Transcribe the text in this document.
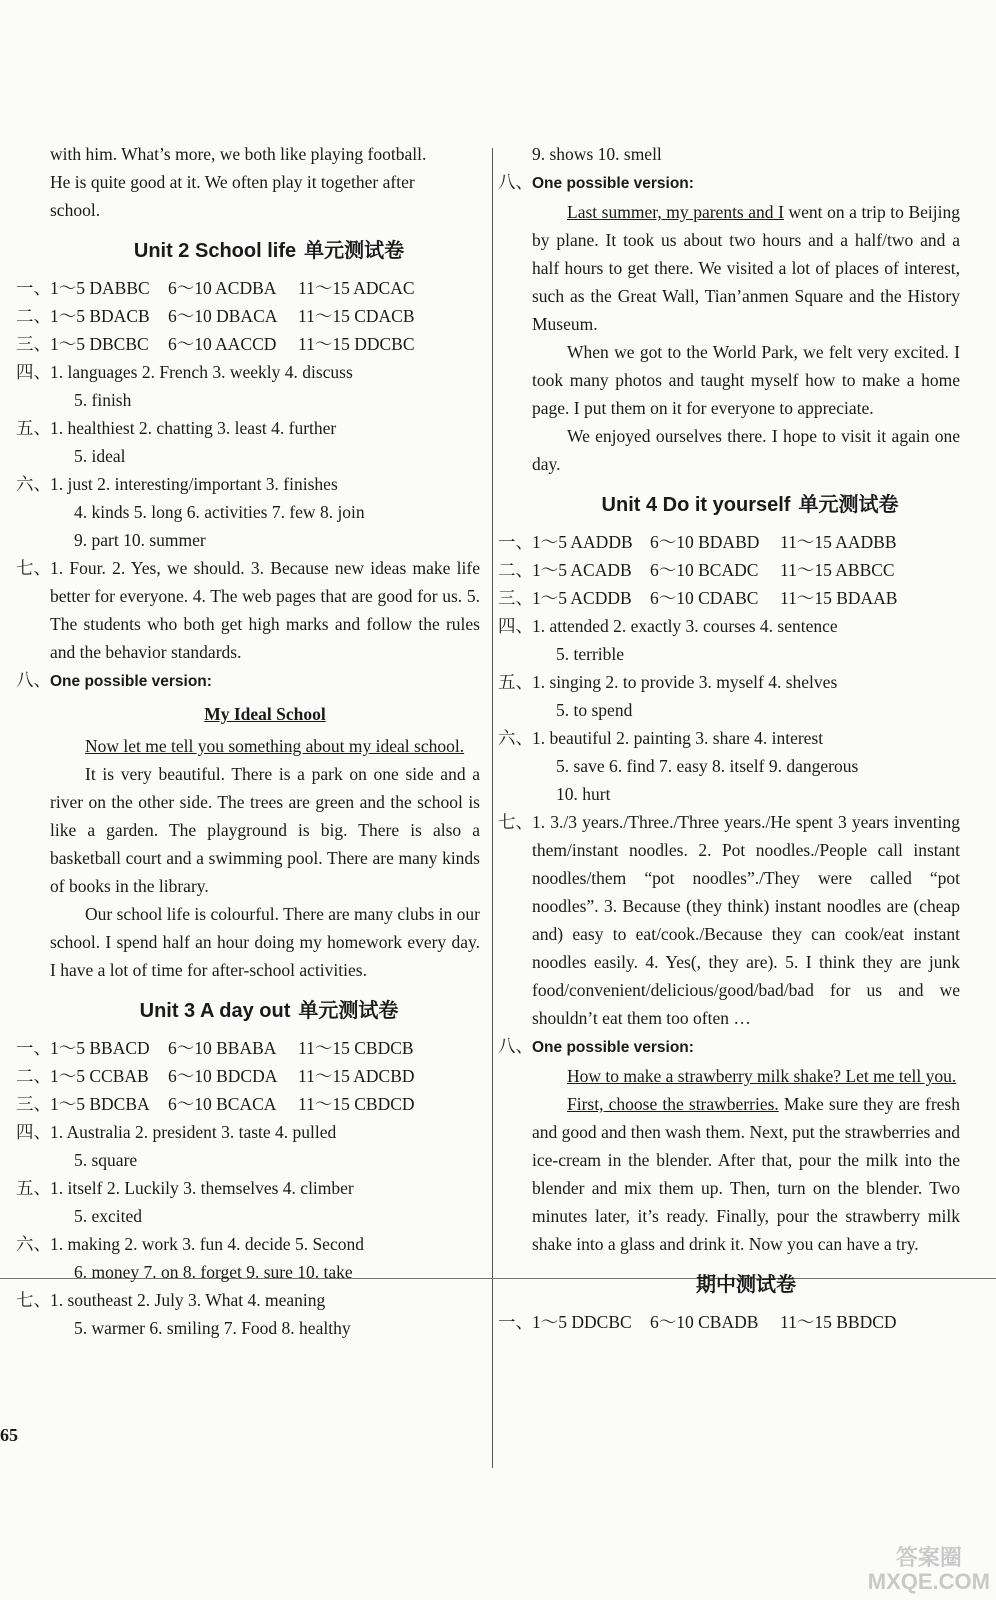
with him. What’s more, we both like playing football.

He is quite good at it. We often play it together after

school.

Unit 2 School life 单元测试卷
一、 1～5 DABBC	6～10 ACDBA	11～15 ADCAC
二、 1～5 BDACB	6～10 DBACA	11～15 CDACB
三、 1～5 DBCBC	6～10 AACCD	11～15 DDCBC
四、1. languages 2. French 3. weekly 4. discuss
5. finish
五、1. healthiest 2. chatting 3. least 4. further
5. ideal
六、1. just 2. interesting/important 3. finishes
4. kinds 5. long 6. activities 7. few 8. join
9. part 10. summer

七、1. Four. 2. Yes, we should. 3. Because new ideas make life better for everyone. 4. The web pages that are good for us. 5. The students who both get high marks and follow the rules and the behavior standards.

八、One possible version:
My Ideal School

Now let me tell you something about my ideal school.

It is very beautiful. There is a park on one side and a river on the other side. The trees are green and the school is like a garden. The playground is big. There is also a basketball court and a swimming pool. There are many kinds of books in the library.

Our school life is colourful. There are many clubs in our school. I spend half an hour doing my homework every day. I have a lot of time for after-school activities.

Unit 3 A day out 单元测试卷
一、 1～5 BBACD	6～10 BBABA	11～15 CBDCB
二、 1～5 CCBAB	6～10 BDCDA	11～15 ADCBD
三、 1～5 BDCBA	6～10 BCACA	11～15 CBDCD
四、1. Australia 2. president 3. taste 4. pulled
5. square
五、1. itself 2. Luckily 3. themselves 4. climber
5. excited
六、1. making 2. work 3. fun 4. decide 5. Second
6. money 7. on 8. forget 9. sure 10. take
七、1. southeast 2. July 3. What 4. meaning
5. warmer 6. smiling 7. Food 8. healthy
65
9. shows 10. smell
八、One possible version:

Last summer, my parents and I went on a trip to Beijing by plane. It took us about two hours and a half/two and a half hours to get there. We visited a lot of places of interest, such as the Great Wall, Tian’anmen Square and the History Museum.

When we got to the World Park, we felt very excited. I took many photos and taught myself how to make a home page. I put them on it for everyone to appreciate.

We enjoyed ourselves there. I hope to visit it again one day.

Unit 4 Do it yourself 单元测试卷
一、 1～5 AADDB 6～10 BDABD	11～15 AADBB
二、 1～5 ACADB	6～10 BCADC	11～15 ABBCC
三、 1～5 ACDDB	6～10 CDABC	11～15 BDAAB
四、1. attended 2. exactly 3. courses 4. sentence
5. terrible
五、1. singing 2. to provide 3. myself 4. shelves
5. to spend
六、1. beautiful 2. painting 3. share 4. interest
5. save 6. find 7. easy 8. itself 9. dangerous
10. hurt

七、1. 3./3 years./Three./Three years./He spent 3 years inventing them/instant noodles. 2. Pot noodles./People call instant noodles/them “pot noodles”./They were called “pot noodles”. 3. Because (they think) instant noodles are (cheap and) easy to eat/cook./Because they can cook/eat instant noodles easily. 4. Yes(, they are). 5. I think they are junk food/convenient/delicious/good/bad/bad for us and we shouldn’t eat them too often …

八、One possible version:

How to make a strawberry milk shake? Let me tell you.

First, choose the strawberries. Make sure they are fresh and good and then wash them. Next, put the strawberries and ice-cream in the blender. After that, pour the milk into the blender and mix them up. Then, turn on the blender. Two minutes later, it’s ready. Finally, pour the strawberry milk shake into a glass and drink it. Now you can have a try.

期中测试卷
一、 1～5 DDCBC	6～10 CBADB	11～15 BBDCD
答案圈
MXQE.COM
